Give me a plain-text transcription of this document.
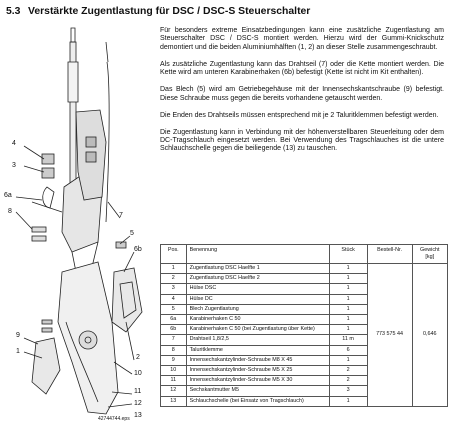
5.3 Verstärkte Zugentlastung für DSC / DSC-S Steuerschalter
4
3
6a
8
7
5
6b
9
1
2
10
11
12
13
42744744.eps

Für besonders extreme Einsatzbedingungen kann eine zusätzliche Zugentlastung am Steuerschalter DSC / DSC-S montiert werden. Hierzu wird der Gummi-Knickschutz demontiert und die beiden Aluminiumhälften (1, 2) an dieser Stelle zusammengeschraubt.

Als zusätzliche Zugentlastung kann das Drahtseil (7) oder die Kette montiert werden. Die Kette wird am unteren Karabinerhaken (6b) befestigt (Kette ist nicht im Kit enthalten).

Das Blech (5) wird am Getriebegehäuse mit der Innensechskantschraube (9) befestigt. Diese Schraube muss gegen die bereits vorhandene getauscht werden.

Die Enden des Drahtseils müssen entsprechend mit je 2 Taluritklemmen befestigt werden.

Die Zugentlastung kann in Verbindung mit der höhenverstellbaren Steuerleitung oder dem DC-Tragschlauch eingesetzt werden. Bei Verwendung des Tragschlauches ist die untere Schlauchschelle gegen die beiliegende (13) zu tauschen.

Pos.	Benennung	Stück	Bestell-Nr.	Gewicht
[kg]

1	Zugentlastung DSC Haelfte 1	1	773 575 44	0,646
2	Zugentlastung DSC Haelfte 2	1		
3	Hülse DSC	1		
4	Hülse DC	1		
5	Blech Zugentlastung	1		
6a	Karabinerhaken C 50	1		
6b	Karabinerhaken C 50 (bei Zugentlastung über Kette)	1		
7	Drahtseil 1,8/2,5	11 m		
8	Taluritklemme	6		
9	Innensechskantzylinder-Schraube M8 X 45	1		
10	Innensechskantzylinder-Schraube M5 X 25	2		
11	Innensechskantzylinder-Schraube M5 X 30	2		
12	Sechskantmutter M5	3		
13	Schlauchschelle (bei Einsatz von Tragschlauch)	1		
